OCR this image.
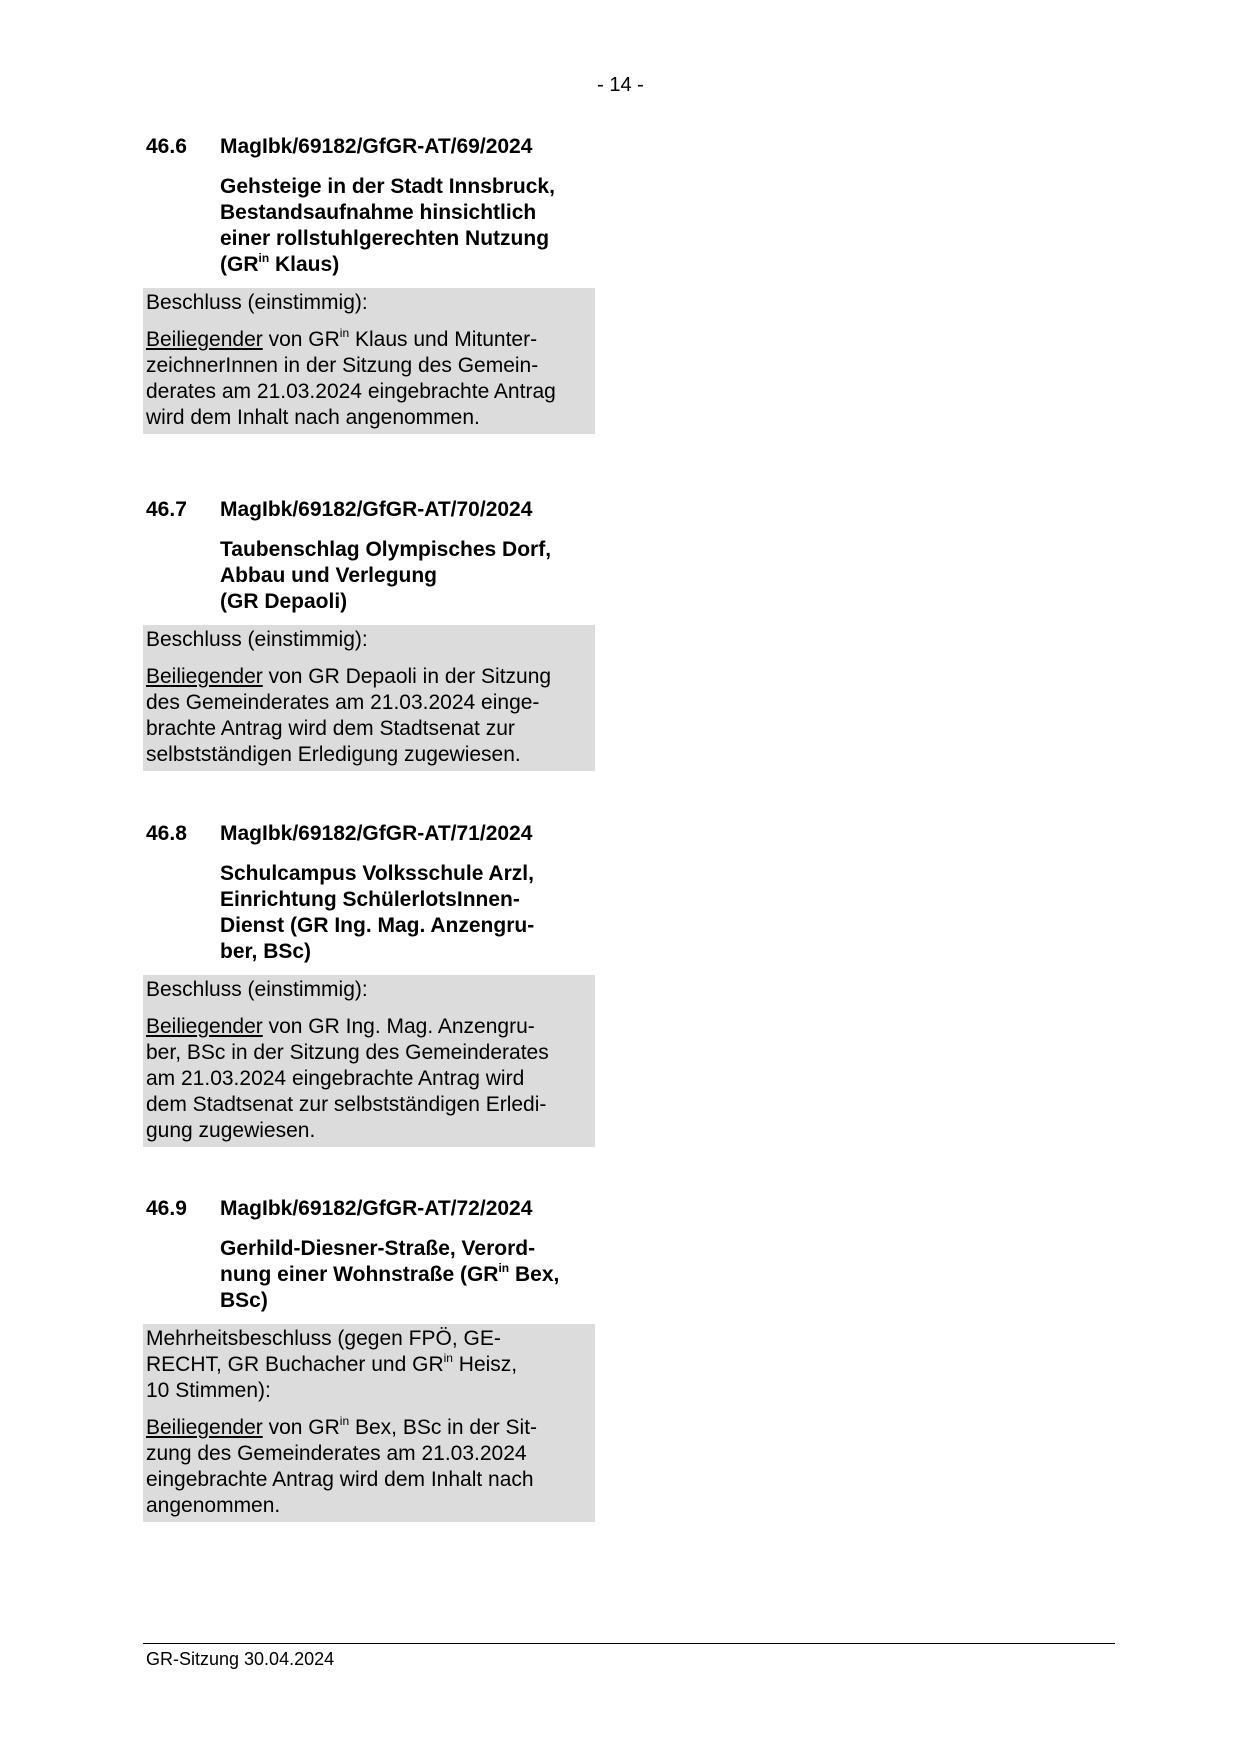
- 14 -
46.6 MagIbk/69182/GfGR-AT/69/2024
Gehsteige in der Stadt Innsbruck,
Bestandsaufnahme hinsichtlich
einer rollstuhlgerechten Nutzung
($GR^{in}$ Klaus)
Beschluss (einstimmig):
Beiliegender von $GR^{in}$ Klaus und Mitunter-
zeichnerInnen in der Sitzung des Gemein-
derates am 21.03.2024 eingebrachte Antrag
wird dem Inhalt nach angenommen.
46.7 MagIbk/69182/GfGR-AT/70/2024
Taubenschlag Olympisches Dorf,
Abbau und Verlegung
(GR Depaoli)
Beschluss (einstimmig):
Beiliegender von GR Depaoli in der Sitzung
des Gemeinderates am 21.03.2024 einge-
brachte Antrag wird dem Stadtsenat zur
selbstständigen Erledigung zugewiesen.
46.8 MagIbk/69182/GfGR-AT/71/2024
Schulcampus Volksschule Arzl,
Einrichtung SchülerlotsInnen-
Dienst (GR Ing. Mag. Anzengru-
ber, BSc)
Beschluss (einstimmig):
Beiliegender von GR Ing. Mag. Anzengru-
ber, BSc in der Sitzung des Gemeinderates
am 21.03.2024 eingebrachte Antrag wird
dem Stadtsenat zur selbstständigen Erledi-
gung zugewiesen.
46.9 MagIbk/69182/GfGR-AT/72/2024
Gerhild-Diesner-Straße, Verord-
nung einer Wohnstraße ($GR^{in}$ Bex,
BSc)
Mehrheitsbeschluss (gegen FPÖ, GE-
RECHT, GR Buchacher und $GR^{in}$ Heisz,
10 Stimmen):
Beiliegender von $GR^{in}$ Bex, BSc in der Sit-
zung des Gemeinderates am 21.03.2024
eingebrachte Antrag wird dem Inhalt nach
angenommen.
GR-Sitzung 30.04.2024
